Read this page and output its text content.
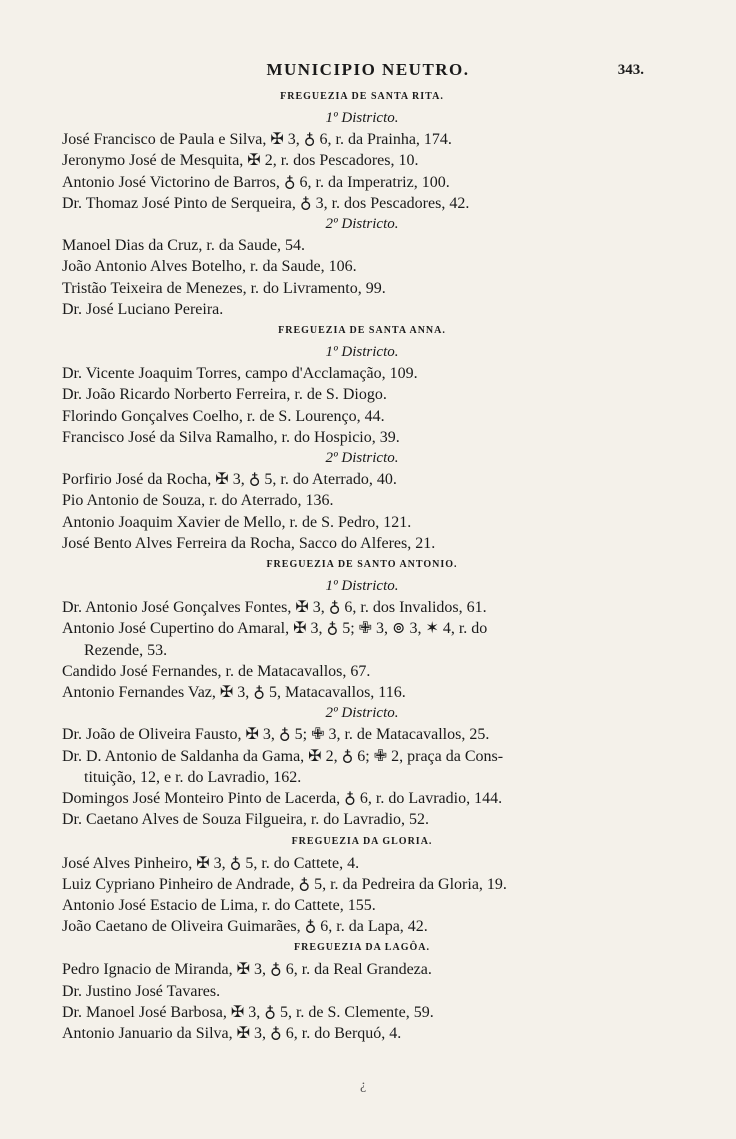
MUNICIPIO NEUTRO.	343.
FREGUEZIA DE SANTA RITA.
1º Districto.
José Francisco de Paula e Silva, ✠ 3, ♁ 6, r. da Prainha, 174.
Jeronymo José de Mesquita, ✠ 2, r. dos Pescadores, 10.
Antonio José Victorino de Barros, ♁ 6, r. da Imperatriz, 100.
Dr. Thomaz José Pinto de Serqueira, ♁ 3, r. dos Pescadores, 42.
2º Districto.
Manoel Dias da Cruz, r. da Saude, 54.
João Antonio Alves Botelho, r. da Saude, 106.
Tristão Teixeira de Menezes, r. do Livramento, 99.
Dr. José Luciano Pereira.
FREGUEZIA DE SANTA ANNA.
1º Districto.
Dr. Vicente Joaquim Torres, campo d'Acclamação, 109.
Dr. João Ricardo Norberto Ferreira, r. de S. Diogo.
Florindo Gonçalves Coelho, r. de S. Lourenço, 44.
Francisco José da Silva Ramalho, r. do Hospicio, 39.
2º Districto.
Porfirio José da Rocha, ✠ 3, ♁ 5, r. do Aterrado, 40.
Pio Antonio de Souza, r. do Aterrado, 136.
Antonio Joaquim Xavier de Mello, r. de S. Pedro, 121.
José Bento Alves Ferreira da Rocha, Sacco do Alferes, 21.
FREGUEZIA DE SANTO ANTONIO.
1º Districto.
Dr. Antonio José Gonçalves Fontes, ✠ 3, ♁ 6, r. dos Invalidos, 61.
Antonio José Cupertino do Amaral, ✠ 3, ♁ 5; ✙ 3, ⊚ 3, ✶ 4, r. do
Rezende, 53.
Candido José Fernandes, r. de Matacavallos, 67.
Antonio Fernandes Vaz, ✠ 3, ♁ 5, Matacavallos, 116.
2º Districto.
Dr. João de Oliveira Fausto, ✠ 3, ♁ 5; ✙ 3, r. de Matacavallos, 25.
Dr. D. Antonio de Saldanha da Gama, ✠ 2, ♁ 6; ✙ 2, praça da Cons-
tituição, 12, e r. do Lavradio, 162.
Domingos José Monteiro Pinto de Lacerda, ♁ 6, r. do Lavradio, 144.
Dr. Caetano Alves de Souza Filgueira, r. do Lavradio, 52.
FREGUEZIA DA GLORIA.
José Alves Pinheiro, ✠ 3, ♁ 5, r. do Cattete, 4.
Luiz Cypriano Pinheiro de Andrade, ♁ 5, r. da Pedreira da Gloria, 19.
Antonio José Estacio de Lima, r. do Cattete, 155.
João Caetano de Oliveira Guimarães, ♁ 6, r. da Lapa, 42.
FREGUEZIA DA LAGÔA.
Pedro Ignacio de Miranda, ✠ 3, ♁ 6, r. da Real Grandeza.
Dr. Justino José Tavares.
Dr. Manoel José Barbosa, ✠ 3, ♁ 5, r. de S. Clemente, 59.
Antonio Januario da Silva, ✠ 3, ♁ 6, r. do Berquó, 4.
¿
